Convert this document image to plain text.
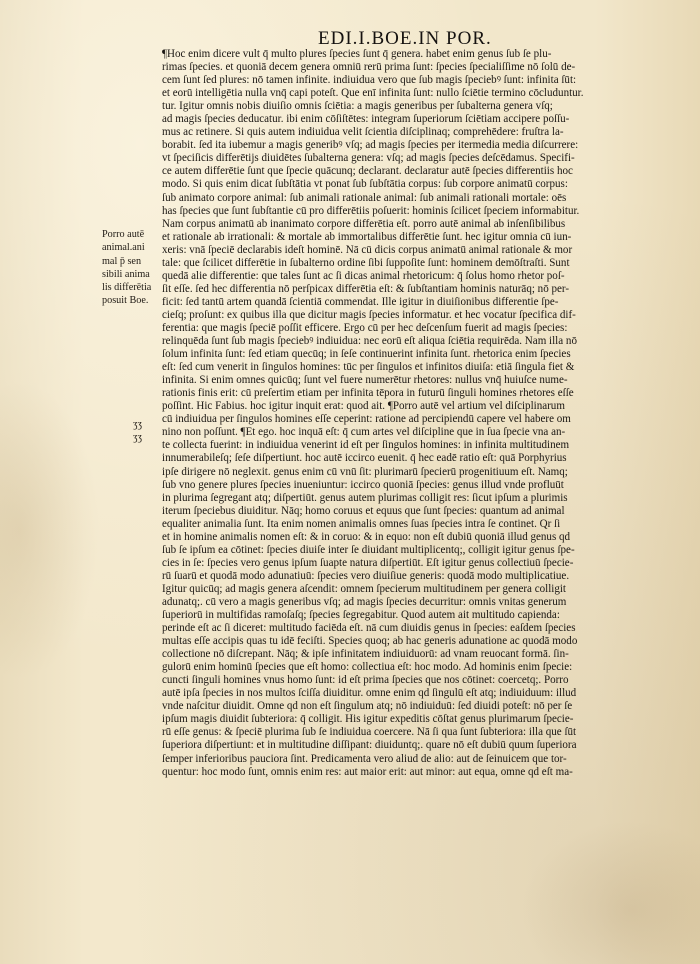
EDI.I.BOE.IN POR.
Porro autē
animal.ani
mal p̄ sen
sibili anima
lis differētia
posuit Boe.
ʒʒ
ʒʒ
¶Hoc enim dicere vult q̄ multo plures ſpecies ſunt q̄ genera. habet enim genus ſub ſe plu-
rimas ſpecies. et quoniā decem genera omniū rerū prima ſunt: ſpecies ſpecialiſſime nō ſolū de-
cem ſunt ſed plures: nō tamen infinite. indiuidua vero que ſub magis ſpeciebꝰ ſunt: infinita ſūt:
et eorū intelligētia nulla vnq̄ capi poteſt. Que enī infinita ſunt: nullo ſciētie termino cōcluduntur.
tur. Igitur omnis nobis diuiſio omnis ſciētia: a magis generibus per ſubalterna genera vſq;
ad magis ſpecies deducatur. ibi enim cōſiſtētes: integram ſuperiorum ſciētiam accipere poſſu-
mus ac retinere. Si quis autem indiuidua velit ſcientia diſciplinaq; comprehēdere: fruſtra la-
borabit. ſed ita iubemur a magis generibꝰ vſq; ad magis ſpecies per itermedia media diſcurrere:
vt ſpeciſicis differētijs diuidētes ſubalterna genera: vſq; ad magis ſpecies deſcēdamus. Specifi-
ce autem differētie ſunt que ſpecie quācunq; declarant. declaratur autē ſpecies differentiis hoc
modo. Si quis enim dicat ſubſtātia vt ponat ſub ſubſtātia corpus: ſub corpore animatū corpus:
ſub animato corpore animal: ſub animali rationale animal: ſub animali rationali mortale: oēs
has ſpecies que ſunt ſubſtantie cū pro differētiis poſuerit: hominis ſcilicet ſpeciem informabitur.
Nam corpus animatū ab inanimato corpore differētia eſt. porro autē animal ab inſenſibilibus
et rationale ab irrationali: & mortale ab immortalibus differētie ſunt. hec igitur omnia cū iun-
xeris: vnā ſpeciē declarabis ideſt hominē. Nā cū dicis corpus animatū animal rationale & mor
tale: que ſcilicet differētie in ſubalterno ordine ſibi ſuppoſite ſunt: hominem demōſtraſti. Sunt
quedā alie differentie: que tales ſunt ac ſi dicas animal rhetoricum: q̄ ſolus homo rhetor poſ-
ſit eſſe. ſed hec differentia nō perſpicax differētia eſt: & ſubſtantiam hominis naturāq; nō per-
ficit: ſed tantū artem quandā ſcientiā commendat. Ille igitur in diuiſionibus differentie ſpe-
cieſq; proſunt: ex quibus illa que dicitur magis ſpecies informatur. et hec vocatur ſpecifica dif-
ferentia: que magis ſpeciē poſſit efficere. Ergo cū per hec deſcenſum fuerit ad magis ſpecies:
relinquēda ſunt ſub magis ſpeciebꝰ indiuidua: nec eorū eſt aliqua ſciētia requirēda. Nam illa nō
ſolum infinita ſunt: ſed etiam quecūq; in ſeſe continuerint infinita ſunt. rhetorica enim ſpecies
eſt: ſed cum venerit in ſingulos homines: tūc per ſingulos et infinitos diuiſa: etiā ſingula fiet &
infinita. Si enim omnes quicūq; ſunt vel fuere numerētur rhetores: nullus vnq̄ huiuſce nume-
rationis finis erit: cū preſertim etiam per infinita tēpora in futurū ſinguli homines rhetores eſſe
poſſint. Hic Fabius. hoc igitur inquit erat: quod ait. ¶Porro autē vel artium vel diſciplinarum
cū indiuidua per ſingulos homines eſſe ceperint: ratione ad percipiendū capere vel habere om
nino non poſſunt. ¶Et ego. hoc inquā eſt: q̄ cum artes vel diſcipline que in ſua ſpecie vna an-
te collecta fuerint: in indiuidua venerint id eſt per ſingulos homines: in infinita multitudinem
innumerabileſq; ſeſe diſpertiunt. hoc autē iccirco euenit. q̄ hec eadē ratio eſt: quā Porphyrius
ipſe dirigere nō neglexit. genus enim cū vnū ſit: plurimarū ſpecierū progenitiuum eſt. Namq;
ſub vno genere plures ſpecies inueniuntur: iccirco quoniā ſpecies: genus illud vnde profluūt
in plurima ſegregant atq; diſpertiūt. genus autem plurimas colligit res: ſicut ipſum a plurimis
iterum ſpeciebus diuiditur. Nāq; homo coruus et equus que ſunt ſpecies: quantum ad animal
equaliter animalia ſunt. Ita enim nomen animalis omnes ſuas ſpecies intra ſe continet. Qr ſi
et in homine animalis nomen eſt: & in coruo: & in equo: non eſt dubiū quoniā illud genus qd
ſub ſe ipſum ea cōtinet: ſpecies diuiſe inter ſe diuidant multiplicentq;, colligit igitur genus ſpe-
cies in ſe: ſpecies vero genus ipſum ſuapte natura diſpertiūt. Eſt igitur genus collectiuū ſpecie-
rū ſuarū et quodā modo adunatiuū: ſpecies vero diuiſiue generis: quodā modo multiplicatiue.
Igitur quicūq; ad magis genera aſcendit: omnem ſpecierum multitudinem per genera colligit
adunatq;. cū vero a magis generibus vſq; ad magis ſpecies decurritur: omnis vnitas generum
ſuperiorū in multifidas ramoſaſq; ſpecies ſegregabitur. Quod autem ait multitudo capienda:
perinde eſt ac ſi diceret: multitudo faciēda eſt. nā cum diuidis genus in ſpecies: eaſdem ſpecies
multas eſſe accipis quas tu idē feciſti. Species quoq; ab hac generis adunatione ac quodā modo
collectione nō diſcrepant. Nāq; & ipſe infinitatem indiuiduorū: ad vnam reuocant formā. ſin-
gulorū enim hominū ſpecies que eſt homo: collectiua eſt: hoc modo. Ad hominis enim ſpecie:
cuncti ſinguli homines vnus homo ſunt: id eſt prima ſpecies que nos cōtinet: coercetq;. Porro
autē ipſa ſpecies in nos multos ſciſſa diuiditur. omne enim qd ſingulū eſt atq; indiuiduum: illud
vnde naſcitur diuidit. Omne qd non eſt ſingulum atq; nō indiuiduū: ſed diuidi poteſt: nō per ſe
ipſum magis diuidit ſubteriora: q̄ colligit. His igitur expeditis cōſtat genus plurimarum ſpecie-
rū eſſe genus: & ſpeciē plurima ſub ſe indiuidua coercere. Nā ſi qua ſunt ſubteriora: illa que ſūt
ſuperiora diſpertiunt: et in multitudine diſſipant: diuiduntq;. quare nō eſt dubiū quum ſuperiora
ſemper inferioribus pauciora ſint. Predicamenta vero aliud de alio: aut de ſeinuicem que tor-
quentur: hoc modo ſunt, omnis enim res: aut maior erit: aut minor: aut equa, omne qd eſt ma-
